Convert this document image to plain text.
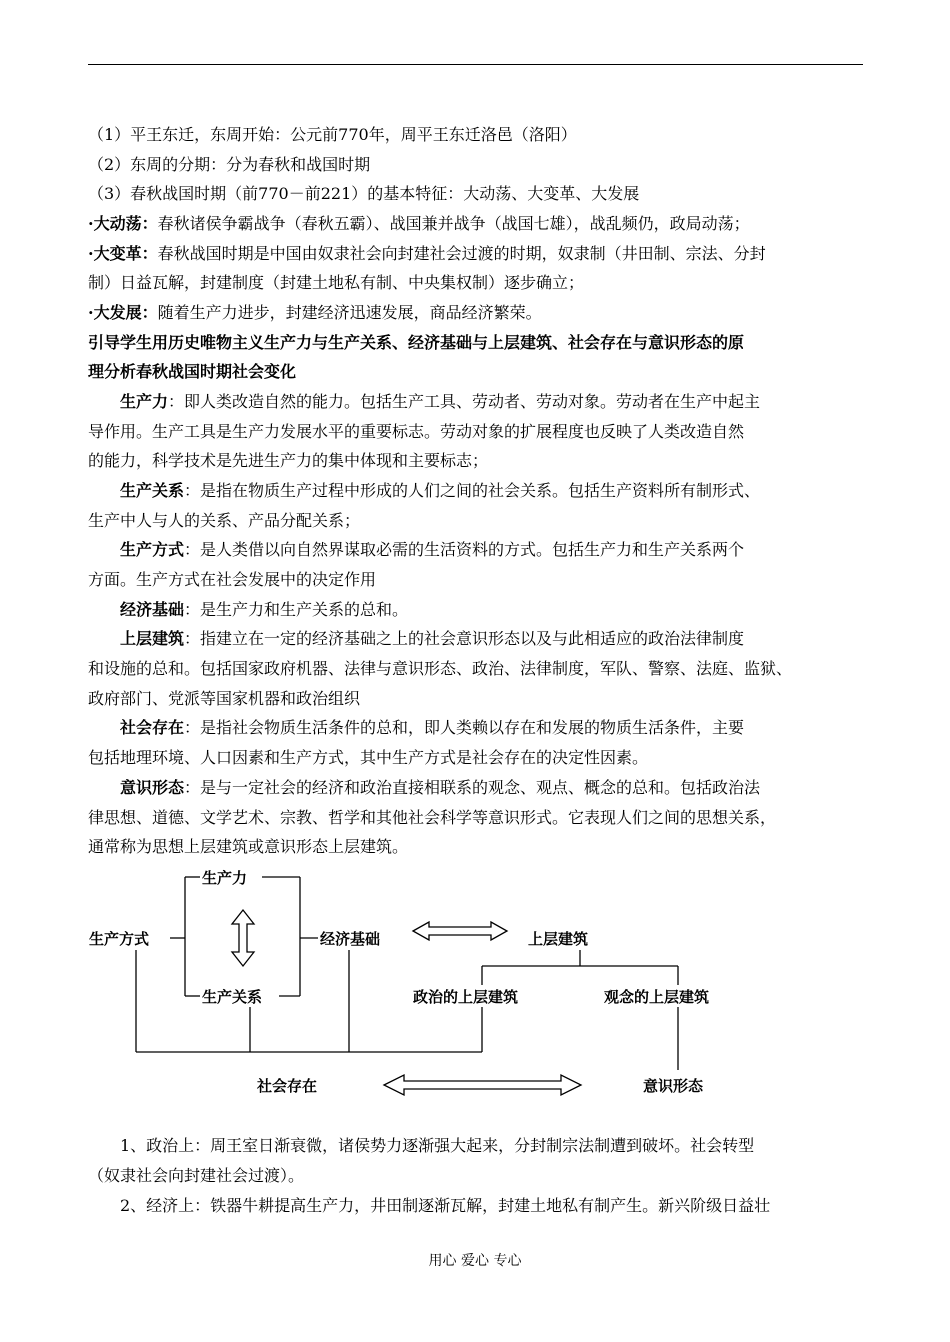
（1）平王东迁，东周开始：公元前770年，周平王东迁洛邑（洛阳）
（2）东周的分期：分为春秋和战国时期
（3）春秋战国时期（前770－前221）的基本特征：大动荡、大变革、大发展
·大动荡：春秋诸侯争霸战争（春秋五霸）、战国兼并战争（战国七雄），战乱频仍，政局动荡；
·大变革：春秋战国时期是中国由奴隶社会向封建社会过渡的时期，奴隶制（井田制、宗法、分封
制）日益瓦解，封建制度（封建土地私有制、中央集权制）逐步确立；
·大发展：随着生产力进步，封建经济迅速发展，商品经济繁荣。
引导学生用历史唯物主义生产力与生产关系、经济基础与上层建筑、社会存在与意识形态的原
理分析春秋战国时期社会变化
生产力：即人类改造自然的能力。包括生产工具、劳动者、劳动对象。劳动者在生产中起主
导作用。生产工具是生产力发展水平的重要标志。劳动对象的扩展程度也反映了人类改造自然
的能力，科学技术是先进生产力的集中体现和主要标志；
生产关系：是指在物质生产过程中形成的人们之间的社会关系。包括生产资料所有制形式、
生产中人与人的关系、产品分配关系；
生产方式：是人类借以向自然界谋取必需的生活资料的方式。包括生产力和生产关系两个
方面。生产方式在社会发展中的决定作用
经济基础：是生产力和生产关系的总和。
上层建筑：指建立在一定的经济基础之上的社会意识形态以及与此相适应的政治法律制度
和设施的总和。包括国家政府机器、法律与意识形态、政治、法律制度，军队、警察、法庭、监狱、
政府部门、党派等国家机器和政治组织
社会存在：是指社会物质生活条件的总和，即人类赖以存在和发展的物质生活条件，主要
包括地理环境、人口因素和生产方式，其中生产方式是社会存在的决定性因素。
意识形态：是与一定社会的经济和政治直接相联系的观念、观点、概念的总和。包括政治法
律思想、道德、文学艺术、宗教、哲学和其他社会科学等意识形式。它表现人们之间的思想关系，
通常称为思想上层建筑或意识形态上层建筑。
生产力
生产方式	经济基础	上层建筑
生产关系	政治的上层建筑	观念的上层建筑
社会存在	意识形态
1、政治上：周王室日渐衰微，诸侯势力逐渐强大起来，分封制宗法制遭到破坏。社会转型
（奴隶社会向封建社会过渡）。
2、经济上：铁器牛耕提高生产力，井田制逐渐瓦解，封建土地私有制产生。新兴阶级日益壮
用心 爱心 专心
